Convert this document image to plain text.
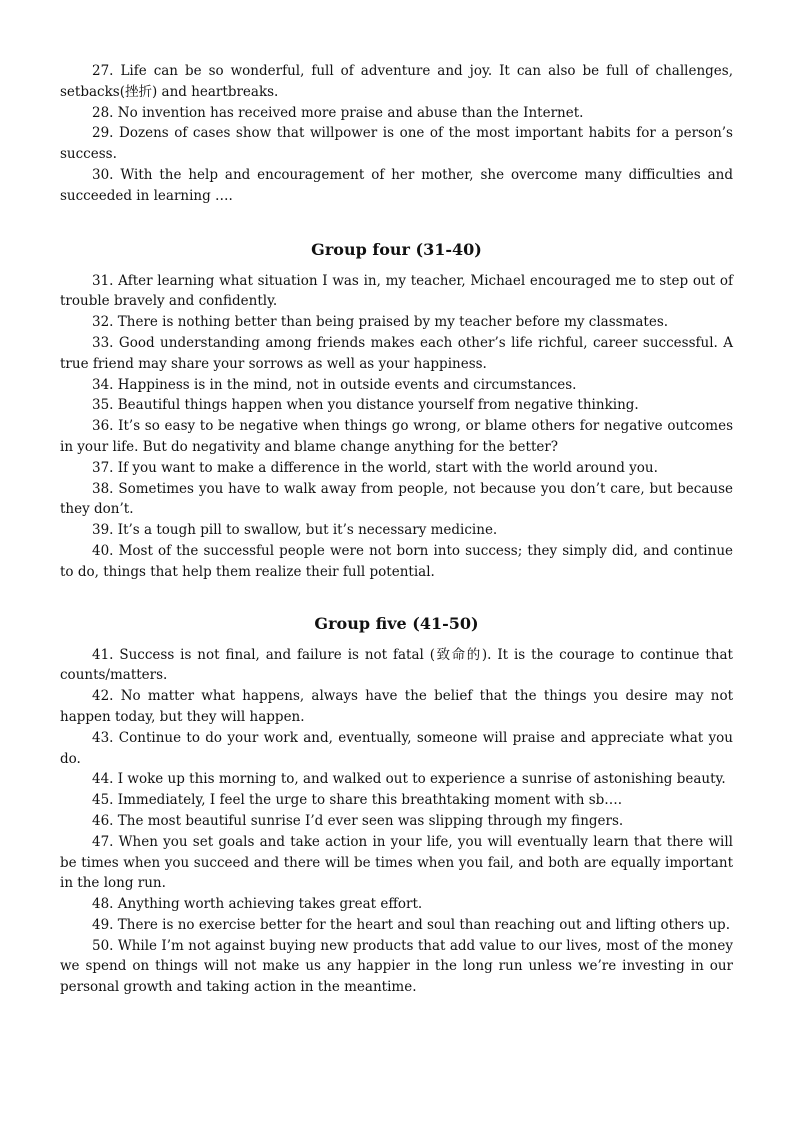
27. Life can be so wonderful, full of adventure and joy. It can also be full of challenges, setbacks(挫折) and heartbreaks.

28. No invention has received more praise and abuse than the Internet.

29. Dozens of cases show that willpower is one of the most important habits for a person’s success.

30. With the help and encouragement of her mother, she overcome many difficulties and succeeded in learning ….

Group four (31-40)

31. After learning what situation I was in, my teacher, Michael encouraged me to step out of trouble bravely and confidently.

32. There is nothing better than being praised by my teacher before my classmates.

33. Good understanding among friends makes each other’s life richful, career successful. A true friend may share your sorrows as well as your happiness.

34. Happiness is in the mind, not in outside events and circumstances.

35. Beautiful things happen when you distance yourself from negative thinking.

36. It’s so easy to be negative when things go wrong, or blame others for negative outcomes in your life. But do negativity and blame change anything for the better?

37. If you want to make a difference in the world, start with the world around you.

38. Sometimes you have to walk away from people, not because you don’t care, but because they don’t.

39. It’s a tough pill to swallow, but it’s necessary medicine.

40. Most of the successful people were not born into success; they simply did, and continue to do, things that help them realize their full potential.

Group five (41-50)

41. Success is not final, and failure is not fatal (致命的). It is the courage to continue that counts/matters.

42. No matter what happens, always have the belief that the things you desire may not happen today, but they will happen.

43. Continue to do your work and, eventually, someone will praise and appreciate what you do.

44. I woke up this morning to, and walked out to experience a sunrise of astonishing beauty.

45. Immediately, I feel the urge to share this breathtaking moment with sb….

46. The most beautiful sunrise I’d ever seen was slipping through my fingers.

47. When you set goals and take action in your life, you will eventually learn that there will be times when you succeed and there will be times when you fail, and both are equally important in the long run.

48. Anything worth achieving takes great effort.

49. There is no exercise better for the heart and soul than reaching out and lifting others up.

50. While I’m not against buying new products that add value to our lives, most of the money we spend on things will not make us any happier in the long run unless we’re investing in our personal growth and taking action in the meantime.
